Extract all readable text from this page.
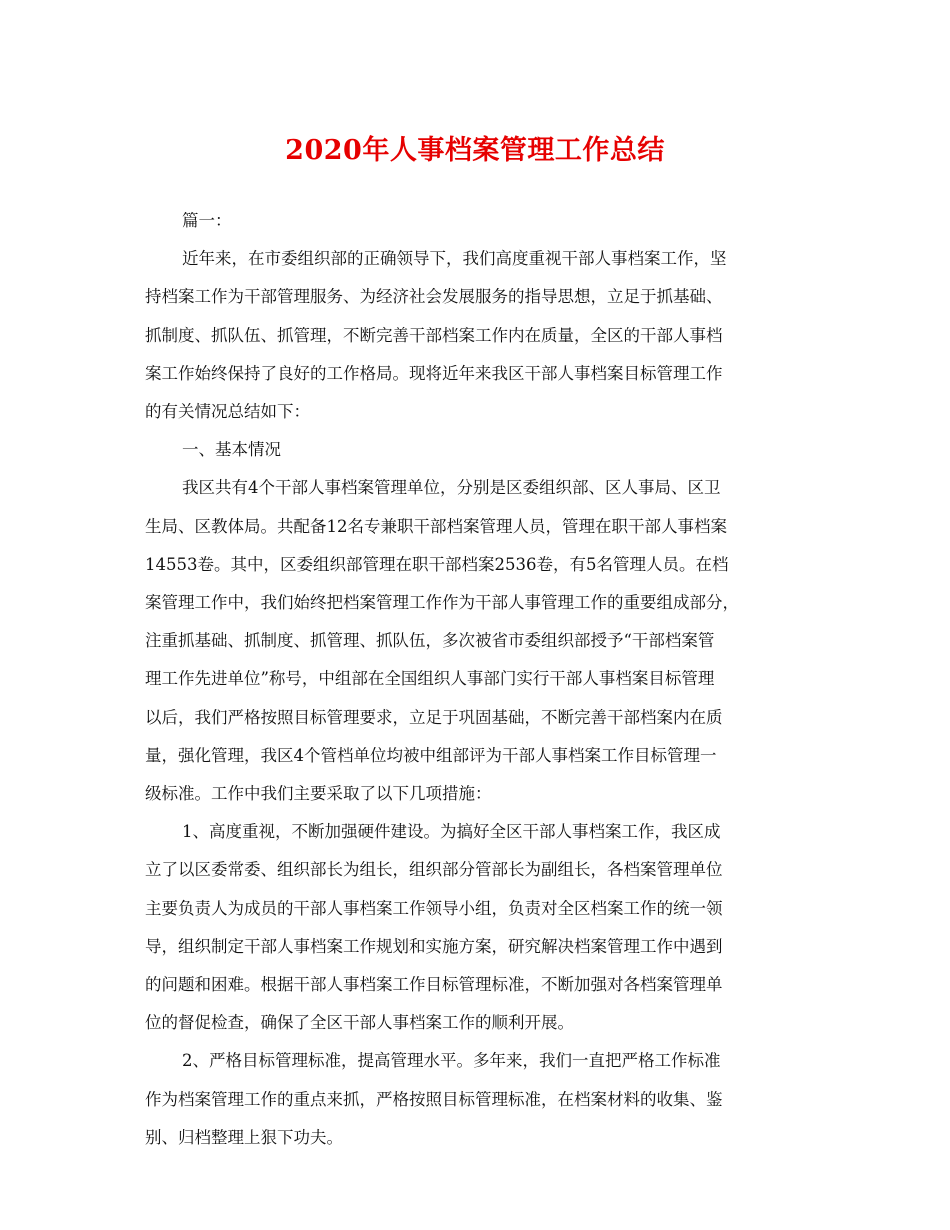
2020年人事档案管理工作总结
篇一：
近年来，在市委组织部的正确领导下，我们高度重视干部人事档案工作，坚
持档案工作为干部管理服务、为经济社会发展服务的指导思想，立足于抓基础、
抓制度、抓队伍、抓管理，不断完善干部档案工作内在质量，全区的干部人事档
案工作始终保持了良好的工作格局。现将近年来我区干部人事档案目标管理工作
的有关情况总结如下：
一、基本情况
我区共有4个干部人事档案管理单位，分别是区委组织部、区人事局、区卫
生局、区教体局。共配备12名专兼职干部档案管理人员，管理在职干部人事档案
14553卷。其中，区委组织部管理在职干部档案2536卷，有5名管理人员。在档
案管理工作中，我们始终把档案管理工作作为干部人事管理工作的重要组成部分，
注重抓基础、抓制度、抓管理、抓队伍，多次被省市委组织部授予“干部档案管
理工作先进单位”称号，中组部在全国组织人事部门实行干部人事档案目标管理
以后，我们严格按照目标管理要求，立足于巩固基础，不断完善干部档案内在质
量，强化管理，我区4个管档单位均被中组部评为干部人事档案工作目标管理一
级标准。工作中我们主要采取了以下几项措施：
1、高度重视，不断加强硬件建设。为搞好全区干部人事档案工作，我区成
立了以区委常委、组织部长为组长，组织部分管部长为副组长，各档案管理单位
主要负责人为成员的干部人事档案工作领导小组，负责对全区档案工作的统一领
导，组织制定干部人事档案工作规划和实施方案，研究解决档案管理工作中遇到
的问题和困难。根据干部人事档案工作目标管理标准，不断加强对各档案管理单
位的督促检查，确保了全区干部人事档案工作的顺利开展。
2、严格目标管理标准，提高管理水平。多年来，我们一直把严格工作标准
作为档案管理工作的重点来抓，严格按照目标管理标准，在档案材料的收集、鉴
别、归档整理上狠下功夫。
